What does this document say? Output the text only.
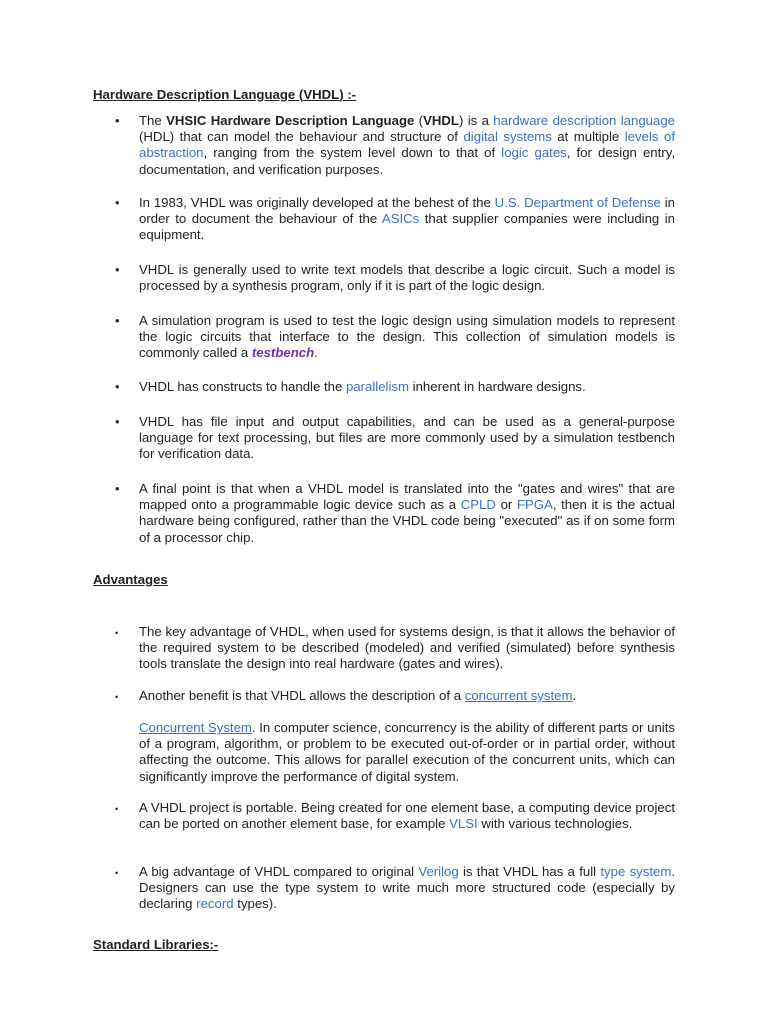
Hardware Description Language (VHDL) :-
• The VHSIC Hardware Description Language (VHDL) is a hardware description language (HDL) that can model the behaviour and structure of digital systems at multiple levels of abstraction, ranging from the system level down to that of logic gates, for design entry, documentation, and verification purposes.

• In 1983, VHDL was originally developed at the behest of the U.S. Department of Defense in order to document the behaviour of the ASICs that supplier companies were including in equipment.

• VHDL is generally used to write text models that describe a logic circuit. Such a model is processed by a synthesis program, only if it is part of the logic design.

• A simulation program is used to test the logic design using simulation models to represent the logic circuits that interface to the design. This collection of simulation models is commonly called a testbench.

• VHDL has constructs to handle the parallelism inherent in hardware designs.

• VHDL has file input and output capabilities, and can be used as a general-purpose language for text processing, but files are more commonly used by a simulation testbench for verification data.

• A final point is that when a VHDL model is translated into the "gates and wires" that are mapped onto a programmable logic device such as a CPLD or FPGA, then it is the actual hardware being configured, rather than the VHDL code being "executed" as if on some form of a processor chip.

Advantages
• The key advantage of VHDL, when used for systems design, is that it allows the behavior of the required system to be described (modeled) and verified (simulated) before synthesis tools translate the design into real hardware (gates and wires).

• Another benefit is that VHDL allows the description of a concurrent system.

Concurrent System. In computer science, concurrency is the ability of different parts or units of a program, algorithm, or problem to be executed out-of-order or in partial order, without affecting the outcome. This allows for parallel execution of the concurrent units, which can significantly improve the performance of digital system.

• A VHDL project is portable. Being created for one element base, a computing device project can be ported on another element base, for example VLSI with various technologies.

• A big advantage of VHDL compared to original Verilog is that VHDL has a full type system. Designers can use the type system to write much more structured code (especially by declaring record types).

Standard Libraries:-
